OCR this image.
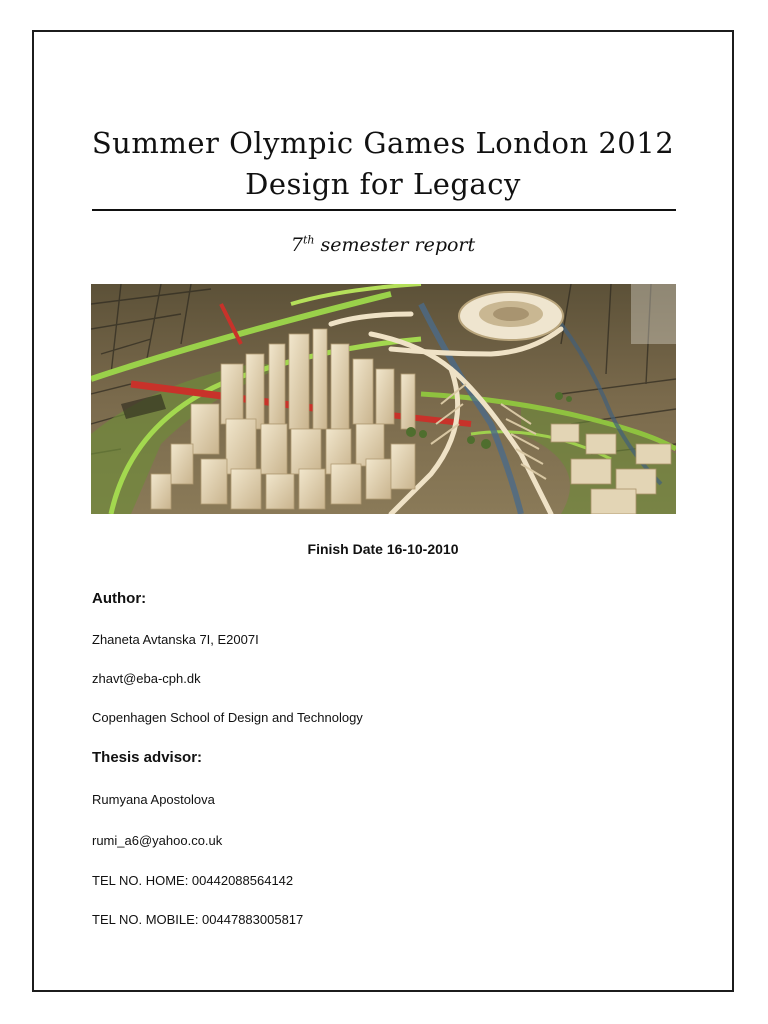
Summer Olympic Games London 2012
Design for Legacy
7th semester report
Finish Date 16-10-2010
Author:
Zhaneta Avtanska 7I, E2007I
zhavt@eba-cph.dk
Copenhagen School of Design and Technology
Thesis advisor:
Rumyana Apostolova
rumi_a6@yahoo.co.uk
TEL NO. HOME: 00442088564142
TEL NO. MOBILE: 00447883005817
